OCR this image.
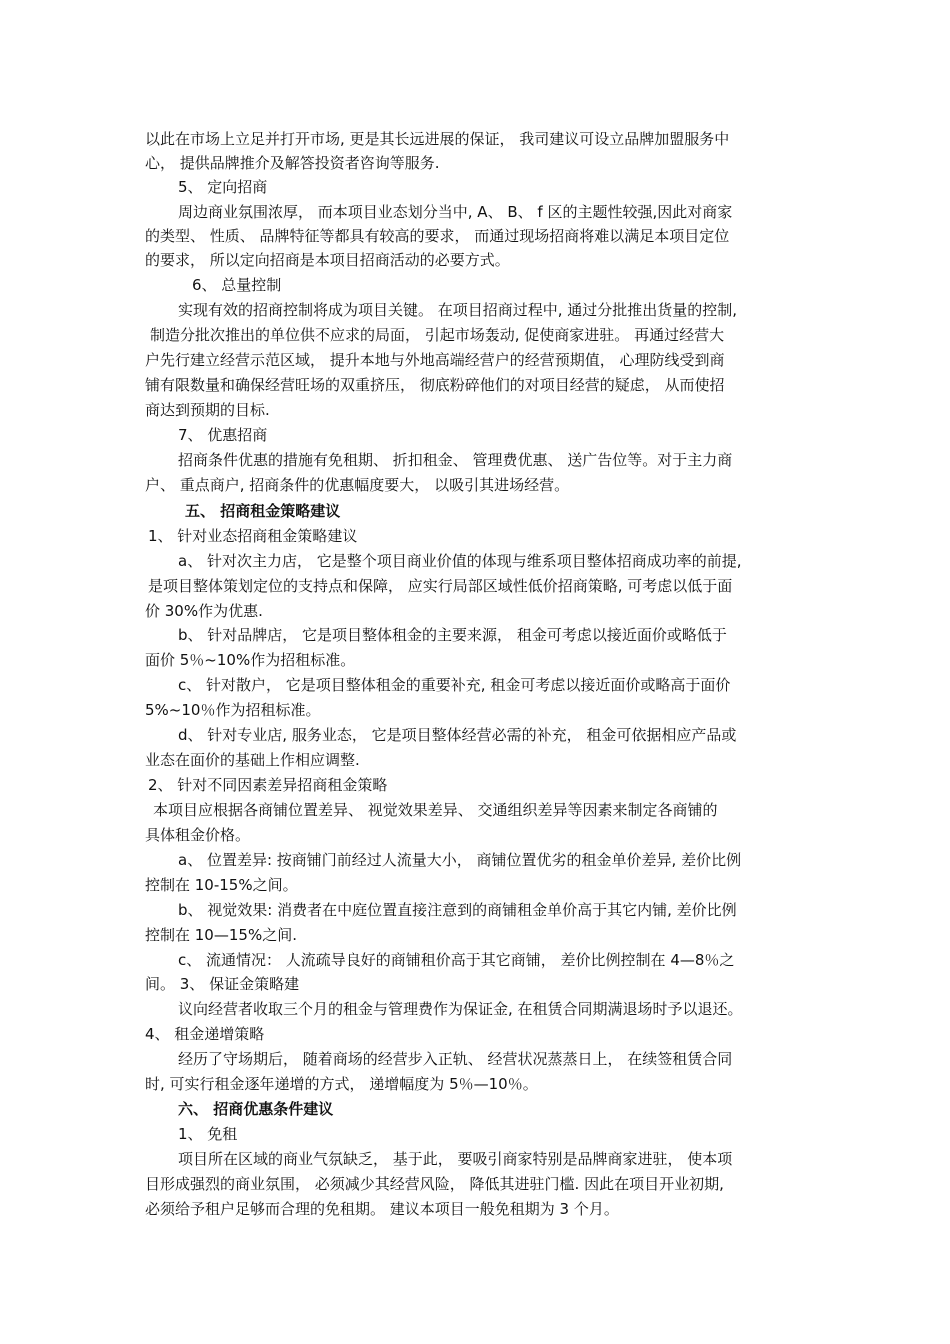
以此在市场上立足并打开市场, 更是其长远进展的保证， 我司建议可设立品牌加盟服务中
心， 提供品牌推介及解答投资者咨询等服务.
5、 定向招商
周边商业氛围浓厚， 而本项目业态划分当中, A、 B、 f 区的主题性较强,因此对商家
的类型、 性质、 品牌特征等都具有较高的要求， 而通过现场招商将难以满足本项目定位
的要求， 所以定向招商是本项目招商活动的必要方式。
6、 总量控制
实现有效的招商控制将成为项目关键。 在项目招商过程中, 通过分批推出货量的控制,
制造分批次推出的单位供不应求的局面， 引起市场轰动, 促使商家进驻。 再通过经营大
户先行建立经营示范区域， 提升本地与外地高端经营户的经营预期值， 心理防线受到商
铺有限数量和确保经营旺场的双重挤压， 彻底粉碎他们的对项目经营的疑虑， 从而使招
商达到预期的目标.
7、 优惠招商
招商条件优惠的措施有免租期、 折扣租金、 管理费优惠、 送广告位等。对于主力商
户、 重点商户, 招商条件的优惠幅度要大， 以吸引其进场经营。
五、 招商租金策略建议
1、 针对业态招商租金策略建议
a、 针对次主力店， 它是整个项目商业价值的体现与维系项目整体招商成功率的前提,
是项目整体策划定位的支持点和保障， 应实行局部区域性低价招商策略, 可考虑以低于面
价 30%作为优惠.
b、 针对品牌店， 它是项目整体租金的主要来源， 租金可考虑以接近面价或略低于
面价 5％~10%作为招租标准。
c、 针对散户， 它是项目整体租金的重要补充, 租金可考虑以接近面价或略高于面价
5%~10％作为招租标准。
d、 针对专业店, 服务业态， 它是项目整体经营必需的补充， 租金可依据相应产品或
业态在面价的基础上作相应调整.
2、 针对不同因素差异招商租金策略
本项目应根据各商铺位置差异、 视觉效果差异、 交通组织差异等因素来制定各商铺的
具体租金价格。
a、 位置差异: 按商铺门前经过人流量大小， 商铺位置优劣的租金单价差异, 差价比例
控制在 10-15%之间。
b、 视觉效果: 消费者在中庭位置直接注意到的商铺租金单价高于其它内铺, 差价比例
控制在 10—15%之间.
c、 流通情况： 人流疏导良好的商铺租价高于其它商铺， 差价比例控制在 4—8％之
间。 3、 保证金策略建
议向经营者收取三个月的租金与管理费作为保证金, 在租赁合同期满退场时予以退还。
4、 租金递增策略
经历了守场期后， 随着商场的经营步入正轨、 经营状况蒸蒸日上， 在续签租赁合同
时, 可实行租金逐年递增的方式， 递增幅度为 5％—10％。
六、 招商优惠条件建议
1、 免租
项目所在区域的商业气氛缺乏， 基于此， 要吸引商家特别是品牌商家进驻， 使本项
目形成强烈的商业氛围， 必须减少其经营风险， 降低其进驻门槛. 因此在项目开业初期,
必须给予租户足够而合理的免租期。 建议本项目一般免租期为 3 个月。
